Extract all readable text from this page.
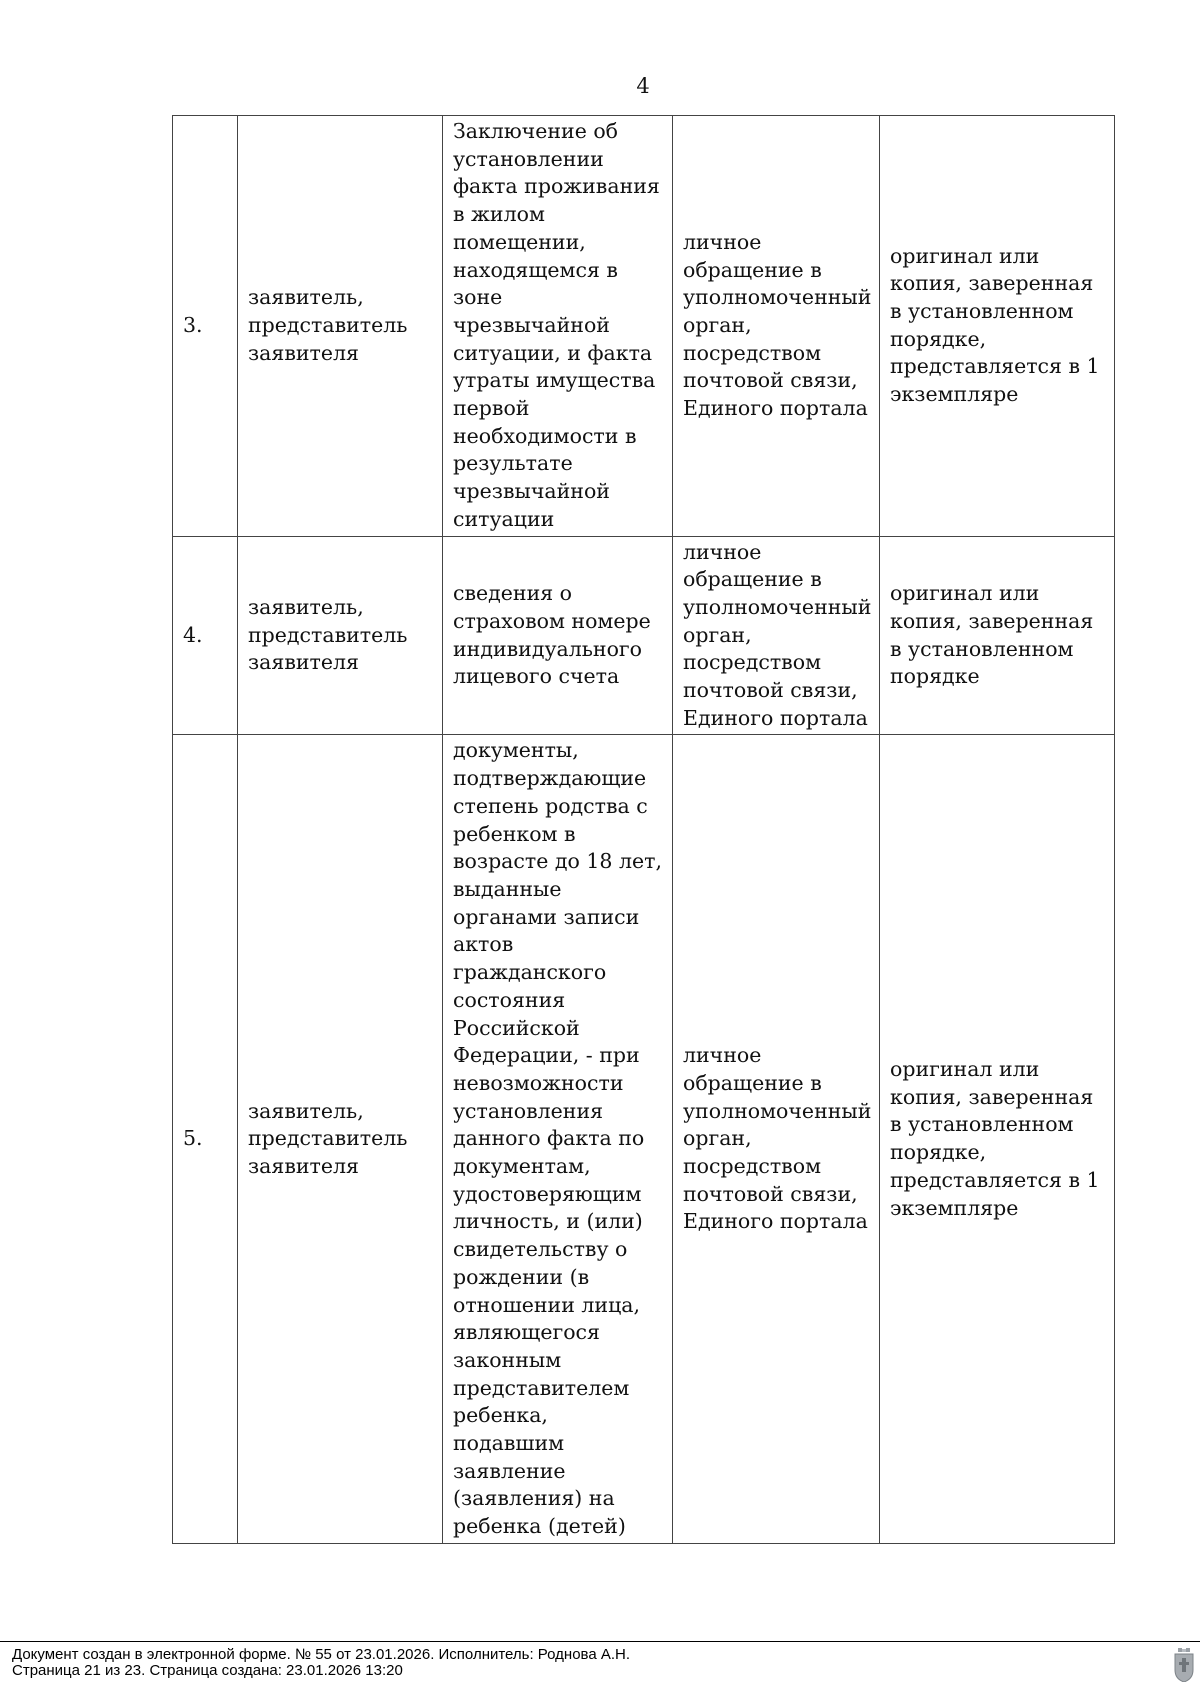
4
3.	заявитель, представитель заявителя	Заключение об установлении факта проживания в жилом помещении, находящемся в зоне чрезвычайной ситуации, и факта утраты имущества первой необходимости в результате чрезвычайной ситуации	личное обращение в уполномоченный орган, посредством почтовой связи, Единого портала	оригинал или копия, заверенная в установленном порядке, представляется в 1 экземпляре
4.	заявитель, представитель заявителя	сведения о страховом номере индивидуального лицевого счета	личное обращение в уполномоченный орган, посредством почтовой связи, Единого портала	оригинал или копия, заверенная в установленном порядке
5.	заявитель, представитель заявителя	документы, подтверждающие степень родства с ребенком в возрасте до 18 лет, выданные органами записи актов гражданского состояния Российской Федерации, - при невозможности установления данного факта по документам, удостоверяющим личность, и (или) свидетельству о рождении (в отношении лица, являющегося законным представителем ребенка, подавшим заявление (заявления) на ребенка (детей)	личное обращение в уполномоченный орган, посредством почтовой связи, Единого портала	оригинал или копия, заверенная в установленном порядке, представляется в 1 экземпляре
Документ создан в электронной форме. № 55 от 23.01.2026. Исполнитель: Роднова А.Н.
Страница 21 из 23. Страница создана: 23.01.2026 13:20
